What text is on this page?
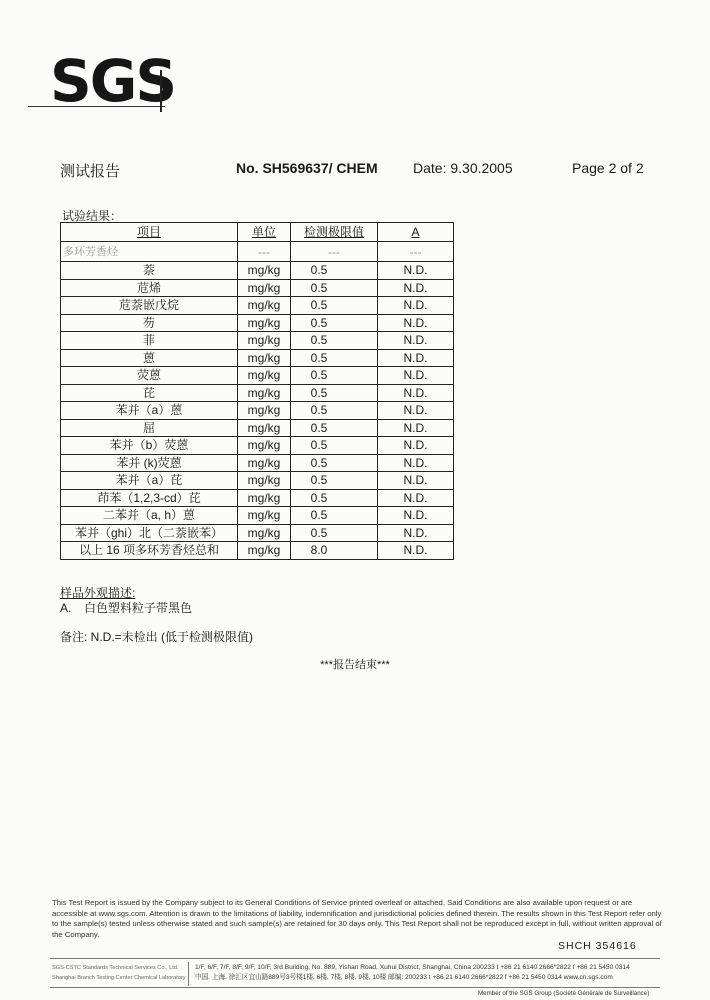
SGS
测试报告	No. SH569637/ CHEM	Date: 9.30.2005	Page 2 of 2
试验结果：
项目	单位	检测极限值	A
多环芳香烃	---	---	---
萘	mg/kg	0.5	N.D.
苊烯	mg/kg	0.5	N.D.
苊萘嵌戊烷	mg/kg	0.5	N.D.
芴	mg/kg	0.5	N.D.
菲	mg/kg	0.5	N.D.
蒽	mg/kg	0.5	N.D.
荧蒽	mg/kg	0.5	N.D.
芘	mg/kg	0.5	N.D.
苯并（a）蒽	mg/kg	0.5	N.D.
屈	mg/kg	0.5	N.D.
苯并（b）荧蒽	mg/kg	0.5	N.D.
苯并 (k)荧蒽	mg/kg	0.5	N.D.
苯并（a）芘	mg/kg	0.5	N.D.
茚苯（1,2,3-cd）芘	mg/kg	0.5	N.D.
二苯并（a, h）蒽	mg/kg	0.5	N.D.
苯并（ghi）北（二萘嵌苯）	mg/kg	0.5	N.D.
以上 16 项多环芳香烃总和	mg/kg	8.0	N.D.
样品外观描述:
A. 白色塑料粒子带黑色
备注: N.D.=未检出 (低于检测极限值)
***报告结束***
This Test Report is issued by the Company subject to its General Conditions of Service printed overleaf or attached. Said Conditions are also available upon request or are accessible at www.sgs.com. Attention is drawn to the limitations of liability, indemnification and jurisdictional policies defined therein. The results shown in this Test Report refer only to the sample(s) tested unless otherwise stated and such sample(s) are retained for 30 days only. This Test Report shall not be reproduced except in full, without written approval of the Company.
SHCH 354616
SGS-CSTC Standards Technical Services Co., Ltd.
Shanghai Branch Testing Center Chemical Laboratory
1/F, 6/F, 7/F, 8/F, 9/F, 10/F, 3rd Building, No. 889, Yishan Road, Xuhui District, Shanghai, China 200233 t +86 21 6140 2666*2822 f +86 21 5450 0314
中国. 上海. 徐汇区宜山路889号3号楼1楼, 6楼, 7楼, 8楼, 9楼, 10楼 邮编: 200233 t +86 21 6140 2666*2822 f +86 21 5450 0314 www.cn.sgs.com
Member of the SGS Group (Société Générale de Surveillance)
